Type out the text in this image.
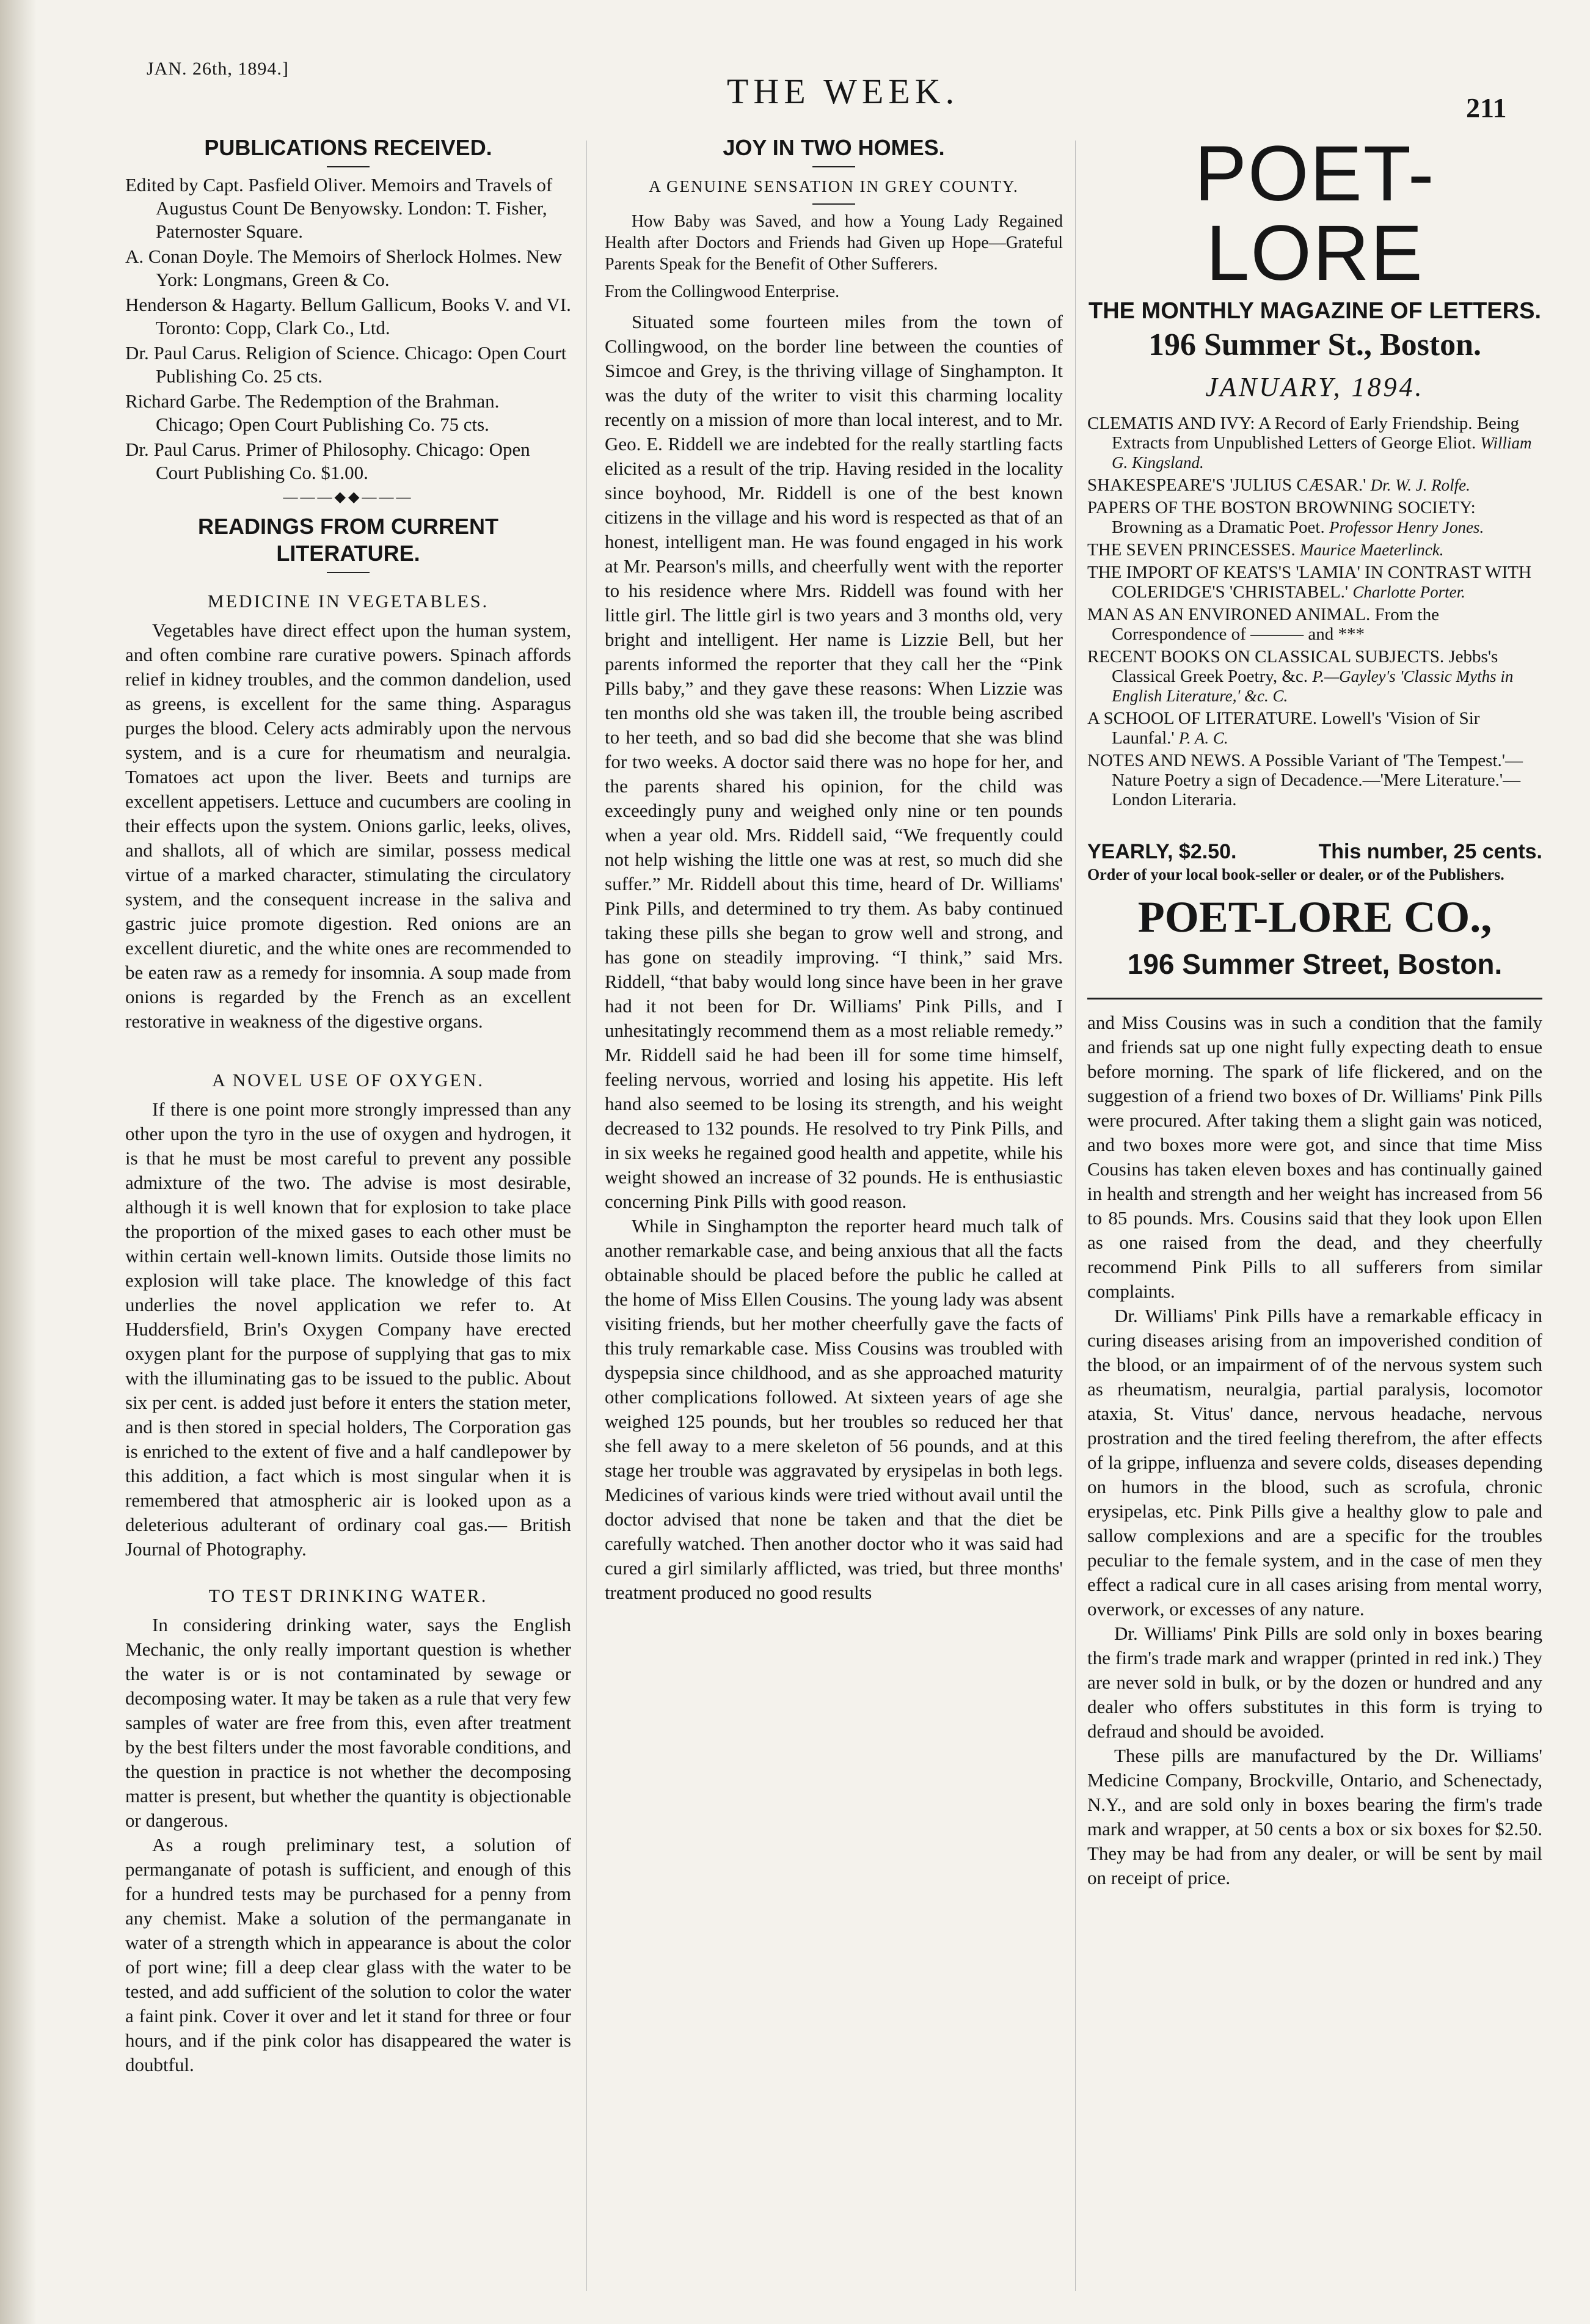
JAN. 26th, 1894.]
THE WEEK.	211

PUBLICATIONS RECEIVED.

Edited by Capt. Pasfield Oliver. Memoirs and Travels of Augustus Count De Benyowsky. London: T. Fisher, Paternoster Square.

A. Conan Doyle. The Memoirs of Sherlock Holmes. New York: Longmans, Green & Co.

Henderson & Hagarty. Bellum Gallicum, Books V. and VI. Toronto: Copp, Clark Co., Ltd.

Dr. Paul Carus. Religion of Science. Chicago: Open Court Publishing Co. 25 cts.

Richard Garbe. The Redemption of the Brahman. Chicago; Open Court Publishing Co. 75 cts.

Dr. Paul Carus. Primer of Philosophy. Chicago: Open Court Publishing Co. $1.00.

———◆◆———

READINGS FROM CURRENT LITERATURE.

MEDICINE IN VEGETABLES.

Vegetables have direct effect upon the human system, and often combine rare curative powers. Spinach affords relief in kidney troubles, and the common dandelion, used as greens, is excellent for the same thing. Asparagus purges the blood. Celery acts admirably upon the nervous system, and is a cure for rheumatism and neuralgia. Tomatoes act upon the liver. Beets and turnips are excellent appetisers. Lettuce and cucumbers are cooling in their effects upon the system. Onions garlic, leeks, olives, and shallots, all of which are similar, possess medical virtue of a marked character, stimulating the circulatory system, and the consequent increase in the saliva and gastric juice promote digestion. Red onions are an excellent diuretic, and the white ones are recommended to be eaten raw as a remedy for insomnia. A soup made from onions is regarded by the French as an excellent restorative in weakness of the digestive organs.

A NOVEL USE OF OXYGEN.

If there is one point more strongly impressed than any other upon the tyro in the use of oxygen and hydrogen, it is that he must be most careful to prevent any possible admixture of the two. The advise is most desirable, although it is well known that for explosion to take place the proportion of the mixed gases to each other must be within certain well-known limits. Outside those limits no explosion will take place. The knowledge of this fact underlies the novel application we refer to. At Huddersfield, Brin's Oxygen Company have erected oxygen plant for the purpose of supplying that gas to mix with the illuminating gas to be issued to the public. About six per cent. is added just before it enters the station meter, and is then stored in special holders, The Corporation gas is enriched to the extent of five and a half candlepower by this addition, a fact which is most singular when it is remembered that atmospheric air is looked upon as a deleterious adulterant of ordinary coal gas.— British Journal of Photography.

TO TEST DRINKING WATER.

In considering drinking water, says the English Mechanic, the only really important question is whether the water is or is not contaminated by sewage or decomposing water. It may be taken as a rule that very few samples of water are free from this, even after treatment by the best filters under the most favorable conditions, and the question in practice is not whether the decomposing matter is present, but whether the quantity is objectionable or dangerous.

As a rough preliminary test, a solution of permanganate of potash is sufficient, and enough of this for a hundred tests may be purchased for a penny from any chemist. Make a solution of the permanganate in water of a strength which in appearance is about the color of port wine; fill a deep clear glass with the water to be tested, and add sufficient of the solution to color the water a faint pink. Cover it over and let it stand for three or four hours, and if the pink color has disappeared the water is doubtful.

JOY IN TWO HOMES.

A GENUINE SENSATION IN GREY COUNTY.

How Baby was Saved, and how a Young Lady Regained Health after Doctors and Friends had Given up Hope—Grateful Parents Speak for the Benefit of Other Sufferers.

From the Collingwood Enterprise.

Situated some fourteen miles from the town of Collingwood, on the border line between the counties of Simcoe and Grey, is the thriving village of Singhampton. It was the duty of the writer to visit this charming locality recently on a mission of more than local interest, and to Mr. Geo. E. Riddell we are indebted for the really startling facts elicited as a result of the trip. Having resided in the locality since boyhood, Mr. Riddell is one of the best known citizens in the village and his word is respected as that of an honest, intelligent man. He was found engaged in his work at Mr. Pearson's mills, and cheerfully went with the reporter to his residence where Mrs. Riddell was found with her little girl. The little girl is two years and 3 months old, very bright and intelligent. Her name is Lizzie Bell, but her parents informed the reporter that they call her the “Pink Pills baby,” and they gave these reasons: When Lizzie was ten months old she was taken ill, the trouble being ascribed to her teeth, and so bad did she become that she was blind for two weeks. A doctor said there was no hope for her, and the parents shared his opinion, for the child was exceedingly puny and weighed only nine or ten pounds when a year old. Mrs. Riddell said, “We frequently could not help wishing the little one was at rest, so much did she suffer.” Mr. Riddell about this time, heard of Dr. Williams' Pink Pills, and determined to try them. As baby continued taking these pills she began to grow well and strong, and has gone on steadily improving. “I think,” said Mrs. Riddell, “that baby would long since have been in her grave had it not been for Dr. Williams' Pink Pills, and I unhesitatingly recommend them as a most reliable remedy.” Mr. Riddell said he had been ill for some time himself, feeling nervous, worried and losing his appetite. His left hand also seemed to be losing its strength, and his weight decreased to 132 pounds. He resolved to try Pink Pills, and in six weeks he regained good health and appetite, while his weight showed an increase of 32 pounds. He is enthusiastic concerning Pink Pills with good reason.

While in Singhampton the reporter heard much talk of another remarkable case, and being anxious that all the facts obtainable should be placed before the public he called at the home of Miss Ellen Cousins. The young lady was absent visiting friends, but her mother cheerfully gave the facts of this truly remarkable case. Miss Cousins was troubled with dyspepsia since childhood, and as she approached maturity other complications followed. At sixteen years of age she weighed 125 pounds, but her troubles so reduced her that she fell away to a mere skeleton of 56 pounds, and at this stage her trouble was aggravated by erysipelas in both legs. Medicines of various kinds were tried without avail until the doctor advised that none be taken and that the diet be carefully watched. Then another doctor who it was said had cured a girl similarly afflicted, was tried, but three months' treatment produced no good results

POET-LORE

THE MONTHLY MAGAZINE OF LETTERS.

196 Summer St., Boston.

JANUARY, 1894.

CLEMATIS AND IVY: A Record of Early Friendship. Being Extracts from Unpublished Letters of George Eliot. William G. Kingsland.

SHAKESPEARE'S 'JULIUS CÆSAR.' Dr. W. J. Rolfe.

PAPERS OF THE BOSTON BROWNING SOCIETY: Browning as a Dramatic Poet. Professor Henry Jones.

THE SEVEN PRINCESSES. Maurice Maeterlinck.

THE IMPORT OF KEATS'S 'LAMIA' IN CONTRAST WITH COLERIDGE'S 'CHRISTABEL.' Charlotte Porter.

MAN AS AN ENVIRONED ANIMAL. From the Correspondence of ——— and ***

RECENT BOOKS ON CLASSICAL SUBJECTS. Jebbs's Classical Greek Poetry, &c. P.—Gayley's 'Classic Myths in English Literature,' &c. C.

A SCHOOL OF LITERATURE. Lowell's 'Vision of Sir Launfal.' P. A. C.

NOTES AND NEWS. A Possible Variant of 'The Tempest.'—Nature Poetry a sign of Decadence.—'Mere Literature.'—London Literaria.

YEARLY, $2.50.	This number, 25 cents.

Order of your local book-seller or dealer, or of the Publishers.

POET-LORE CO.,

196 Summer Street, Boston.

and Miss Cousins was in such a condition that the family and friends sat up one night fully expecting death to ensue before morning. The spark of life flickered, and on the suggestion of a friend two boxes of Dr. Williams' Pink Pills were procured. After taking them a slight gain was noticed, and two boxes more were got, and since that time Miss Cousins has taken eleven boxes and has continually gained in health and strength and her weight has increased from 56 to 85 pounds. Mrs. Cousins said that they look upon Ellen as one raised from the dead, and they cheerfully recommend Pink Pills to all sufferers from similar complaints.

Dr. Williams' Pink Pills have a remarkable efficacy in curing diseases arising from an impoverished condition of the blood, or an impairment of of the nervous system such as rheumatism, neuralgia, partial paralysis, locomotor ataxia, St. Vitus' dance, nervous headache, nervous prostration and the tired feeling therefrom, the after effects of la grippe, influenza and severe colds, diseases depending on humors in the blood, such as scrofula, chronic erysipelas, etc. Pink Pills give a healthy glow to pale and sallow complexions and are a specific for the troubles peculiar to the female system, and in the case of men they effect a radical cure in all cases arising from mental worry, overwork, or excesses of any nature.

Dr. Williams' Pink Pills are sold only in boxes bearing the firm's trade mark and wrapper (printed in red ink.) They are never sold in bulk, or by the dozen or hundred and any dealer who offers substitutes in this form is trying to defraud and should be avoided.

These pills are manufactured by the Dr. Williams' Medicine Company, Brockville, Ontario, and Schenectady, N.Y., and are sold only in boxes bearing the firm's trade mark and wrapper, at 50 cents a box or six boxes for $2.50. They may be had from any dealer, or will be sent by mail on receipt of price.
